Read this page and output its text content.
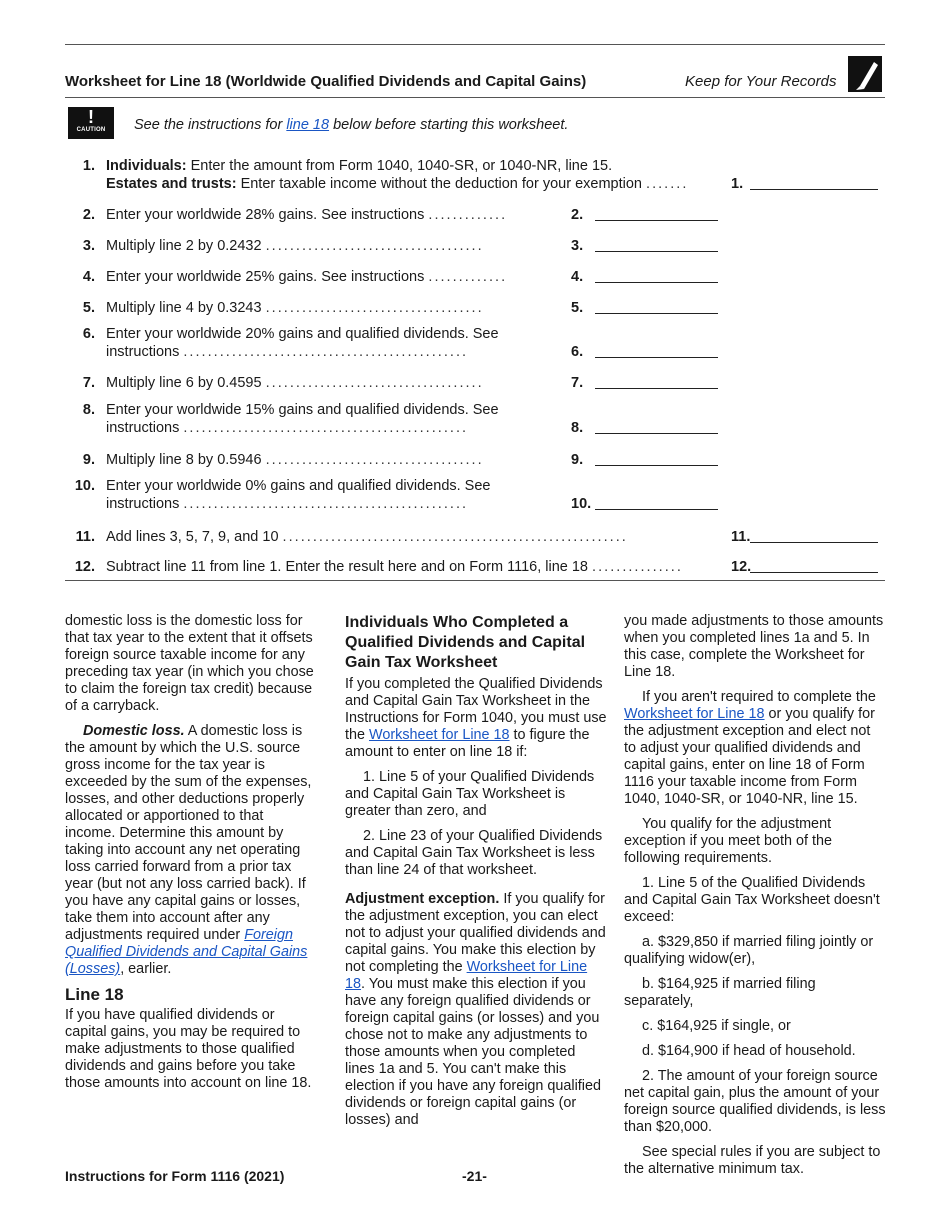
Worksheet for Line 18 (Worldwide Qualified Dividends and Capital Gains)	Keep for Your Records
!
CAUTION	See the instructions for line 18 below before starting this worksheet.
1. Individuals: Enter the amount from Form 1040, 1040-SR, or 1040-NR, line 15.
Estates and trusts: Enter taxable income without the deduction for your exemption . . . . . . .	1.
2. Enter your worldwide 28% gains. See instructions . . . . . . . . . . . . .	2.
3. Multiply line 2 by 0.2432 . . . . . . . . . . . . . . . . . . . . . . . . . . . . . . . . . . . .	3.
4. Enter your worldwide 25% gains. See instructions . . . . . . . . . . . . .	4.
5. Multiply line 4 by 0.3243 . . . . . . . . . . . . . . . . . . . . . . . . . . . . . . . . . . . .	5.
6. Enter your worldwide 20% gains and qualified dividends. See
instructions . . . . . . . . . . . . . . . . . . . . . . . . . . . . . . . . . . . . . . . . . . . . . . .	6.
7. Multiply line 6 by 0.4595 . . . . . . . . . . . . . . . . . . . . . . . . . . . . . . . . . . . .	7.
8. Enter your worldwide 15% gains and qualified dividends. See
instructions . . . . . . . . . . . . . . . . . . . . . . . . . . . . . . . . . . . . . . . . . . . . . . .	8.
9. Multiply line 8 by 0.5946 . . . . . . . . . . . . . . . . . . . . . . . . . . . . . . . . . . . .	9.
10. Enter your worldwide 0% gains and qualified dividends. See
instructions . . . . . . . . . . . . . . . . . . . . . . . . . . . . . . . . . . . . . . . . . . . . . . .	10.
11. Add lines 3, 5, 7, 9, and 10 . . . . . . . . . . . . . . . . . . . . . . . . . . . . . . . . . . . . . . . . . . . . . . . . . . . . . . . . .	11.
12. Subtract line 11 from line 1. Enter the result here and on Form 1116, line 18 . . . . . . . . . . . . . . .	12.

domestic loss is the domestic loss for that tax year to the extent that it offsets foreign source taxable income for any preceding tax year (in which you chose to claim the foreign tax credit) because of a carryback.

Domestic loss. A domestic loss is the amount by which the U.S. source gross income for the tax year is exceeded by the sum of the expenses, losses, and other deductions properly allocated or apportioned to that income. Determine this amount by taking into account any net operating loss carried forward from a prior tax year (but not any loss carried back). If you have any capital gains or losses, take them into account after any adjustments required under Foreign Qualified Dividends and Capital Gains (Losses), earlier.

Line 18

If you have qualified dividends or capital gains, you may be required to make adjustments to those qualified dividends and gains before you take those amounts into account on line 18.

Individuals Who Completed a Qualified Dividends and Capital Gain Tax Worksheet

If you completed the Qualified Dividends and Capital Gain Tax Worksheet in the Instructions for Form 1040, you must use the Worksheet for Line 18 to figure the amount to enter on line 18 if:

1. Line 5 of your Qualified Dividends and Capital Gain Tax Worksheet is greater than zero, and

2. Line 23 of your Qualified Dividends and Capital Gain Tax Worksheet is less than line 24 of that worksheet.

Adjustment exception. If you qualify for the adjustment exception, you can elect not to adjust your qualified dividends and capital gains. You make this election by not completing the Worksheet for Line 18. You must make this election if you have any foreign qualified dividends or foreign capital gains (or losses) and you chose not to make any adjustments to those amounts when you completed lines 1a and 5. You can't make this election if you have any foreign qualified dividends or foreign capital gains (or losses) and

you made adjustments to those amounts when you completed lines 1a and 5. In this case, complete the Worksheet for Line 18.

If you aren't required to complete the Worksheet for Line 18 or you qualify for the adjustment exception and elect not to adjust your qualified dividends and capital gains, enter on line 18 of Form 1116 your taxable income from Form 1040, 1040-SR, or 1040-NR, line 15.

You qualify for the adjustment exception if you meet both of the following requirements.

1. Line 5 of the Qualified Dividends and Capital Gain Tax Worksheet doesn't exceed:

a. $329,850 if married filing jointly or qualifying widow(er),

b. $164,925 if married filing separately,

c. $164,925 if single, or

d. $164,900 if head of household.

2. The amount of your foreign source net capital gain, plus the amount of your foreign source qualified dividends, is less than $20,000.

See special rules if you are subject to the alternative minimum tax.

Instructions for Form 1116 (2021)	-21-
